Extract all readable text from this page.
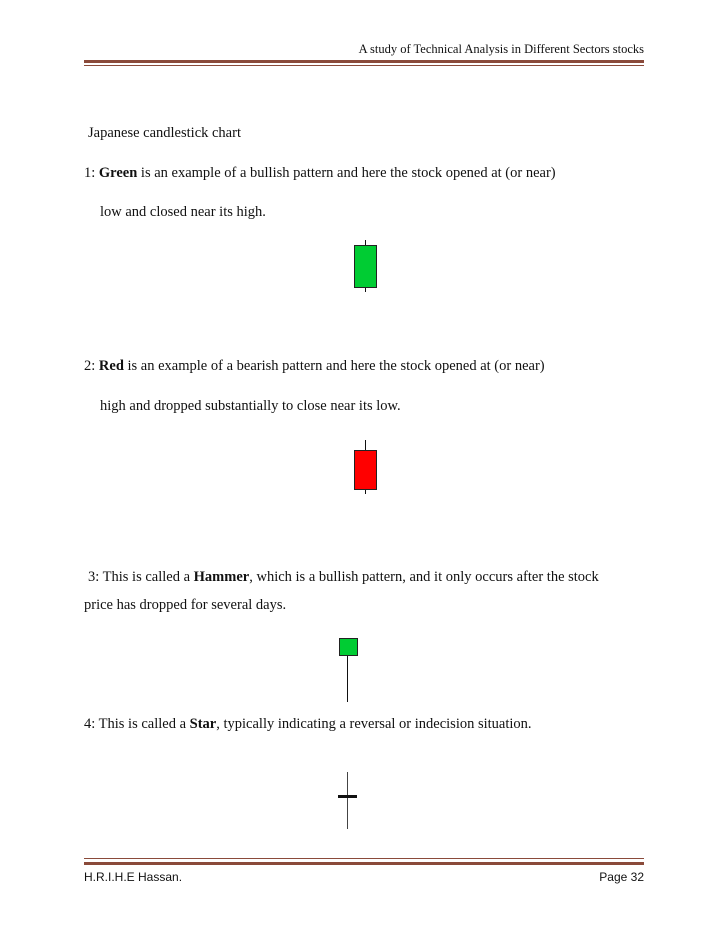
A study of Technical Analysis in Different Sectors stocks
Japanese candlestick chart
1: Green is an example of a bullish pattern and here the stock opened at (or near)
low and closed near its high.
2: Red is an example of a bearish pattern and here the stock opened at (or near)
high and dropped substantially to close near its low.
3: This is called a Hammer, which is a bullish pattern, and it only occurs after the stock
price has dropped for several days.
4: This is called a Star, typically indicating a reversal or indecision situation.
H.R.I.H.E Hassan.	Page 32
